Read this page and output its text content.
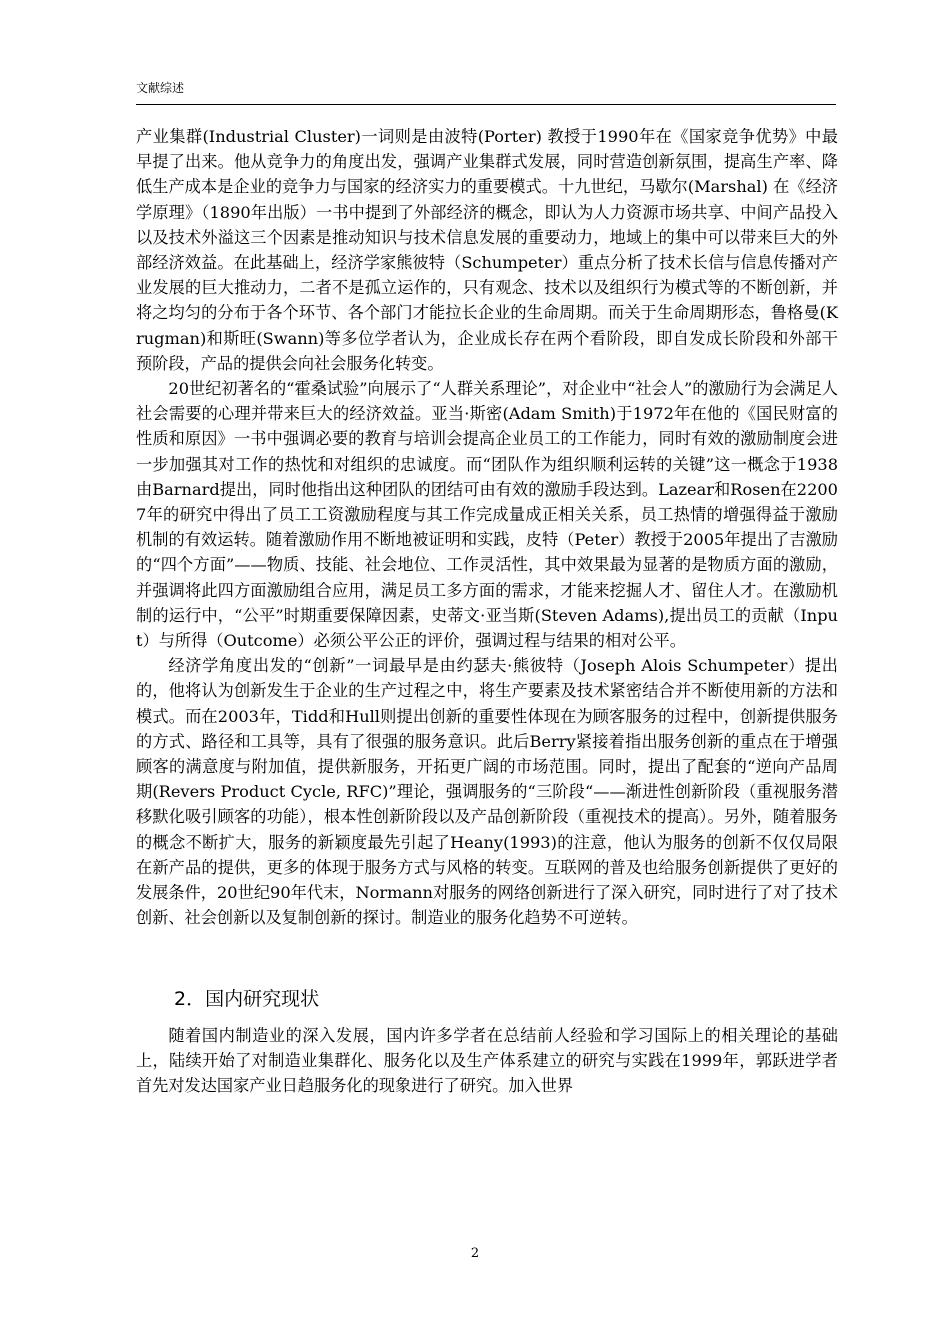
文献综述

产业集群(Industrial Cluster)一词则是由波特(Porter) 教授于1990年在《国家竞争优势》中最早提了出来。他从竞争力的角度出发，强调产业集群式发展，同时营造创新氛围，提高生产率、降低生产成本是企业的竞争力与国家的经济实力的重要模式。十九世纪，马歇尔(Marshal) 在《经济学原理》（1890年出版）一书中提到了外部经济的概念，即认为人力资源市场共享、中间产品投入以及技术外溢这三个因素是推动知识与技术信息发展的重要动力，地域上的集中可以带来巨大的外部经济效益。在此基础上，经济学家熊彼特（Schumpeter）重点分析了技术长信与信息传播对产业发展的巨大推动力，二者不是孤立运作的，只有观念、技术以及组织行为模式等的不断创新，并将之均匀的分布于各个环节、各个部门才能拉长企业的生命周期。而关于生命周期形态，鲁格曼(Krugman)和斯旺(Swann)等多位学者认为，企业成长存在两个看阶段，即自发成长阶段和外部干预阶段，产品的提供会向社会服务化转变。

20世纪初著名的“霍桑试验”向展示了“人群关系理论”，对企业中“社会人”的激励行为会满足人社会需要的心理并带来巨大的经济效益。亚当·斯密(Adam Smith)于1972年在他的《国民财富的性质和原因》一书中强调必要的教育与培训会提高企业员工的工作能力，同时有效的激励制度会进一步加强其对工作的热忱和对组织的忠诚度。而“团队作为组织顺利运转的关键”这一概念于1938由Barnard提出，同时他指出这种团队的团结可由有效的激励手段达到。Lazear和Rosen在22007年的研究中得出了员工工资激励程度与其工作完成量成正相关关系，员工热情的增强得益于激励机制的有效运转。随着激励作用不断地被证明和实践，皮特（Peter）教授于2005年提出了吉激励的“四个方面”——物质、技能、社会地位、工作灵活性，其中效果最为显著的是物质方面的激励，并强调将此四方面激励组合应用，满足员工多方面的需求，才能来挖掘人才、留住人才。在激励机制的运行中，“公平”时期重要保障因素，史蒂文·亚当斯(Steven Adams),提出员工的贡献（Input）与所得（Outcome）必须公平公正的评价，强调过程与结果的相对公平。

经济学角度出发的“创新”一词最早是由约瑟夫·熊彼特（Joseph Alois Schumpeter）提出的，他将认为创新发生于企业的生产过程之中，将生产要素及技术紧密结合并不断使用新的方法和模式。而在2003年，Tidd和Hull则提出创新的重要性体现在为顾客服务的过程中，创新提供服务的方式、路径和工具等，具有了很强的服务意识。此后Berry紧接着指出服务创新的重点在于增强顾客的满意度与附加值，提供新服务，开拓更广阔的市场范围。同时，提出了配套的“逆向产品周期(Revers Product Cycle, RFC)”理论，强调服务的“三阶段“——渐进性创新阶段（重视服务潜移默化吸引顾客的功能），根本性创新阶段以及产品创新阶段（重视技术的提高）。另外，随着服务的概念不断扩大，服务的新颖度最先引起了Heany(1993)的注意，他认为服务的创新不仅仅局限在新产品的提供，更多的体现于服务方式与风格的转变。互联网的普及也给服务创新提供了更好的发展条件，20世纪90年代末，Normann对服务的网络创新进行了深入研究，同时进行了对了技术创新、社会创新以及复制创新的探讨。制造业的服务化趋势不可逆转。

2．国内研究现状

随着国内制造业的深入发展，国内许多学者在总结前人经验和学习国际上的相关理论的基础上，陆续开始了对制造业集群化、服务化以及生产体系建立的研究与实践在1999年，郭跃进学者首先对发达国家产业日趋服务化的现象进行了研究。加入世界

2
